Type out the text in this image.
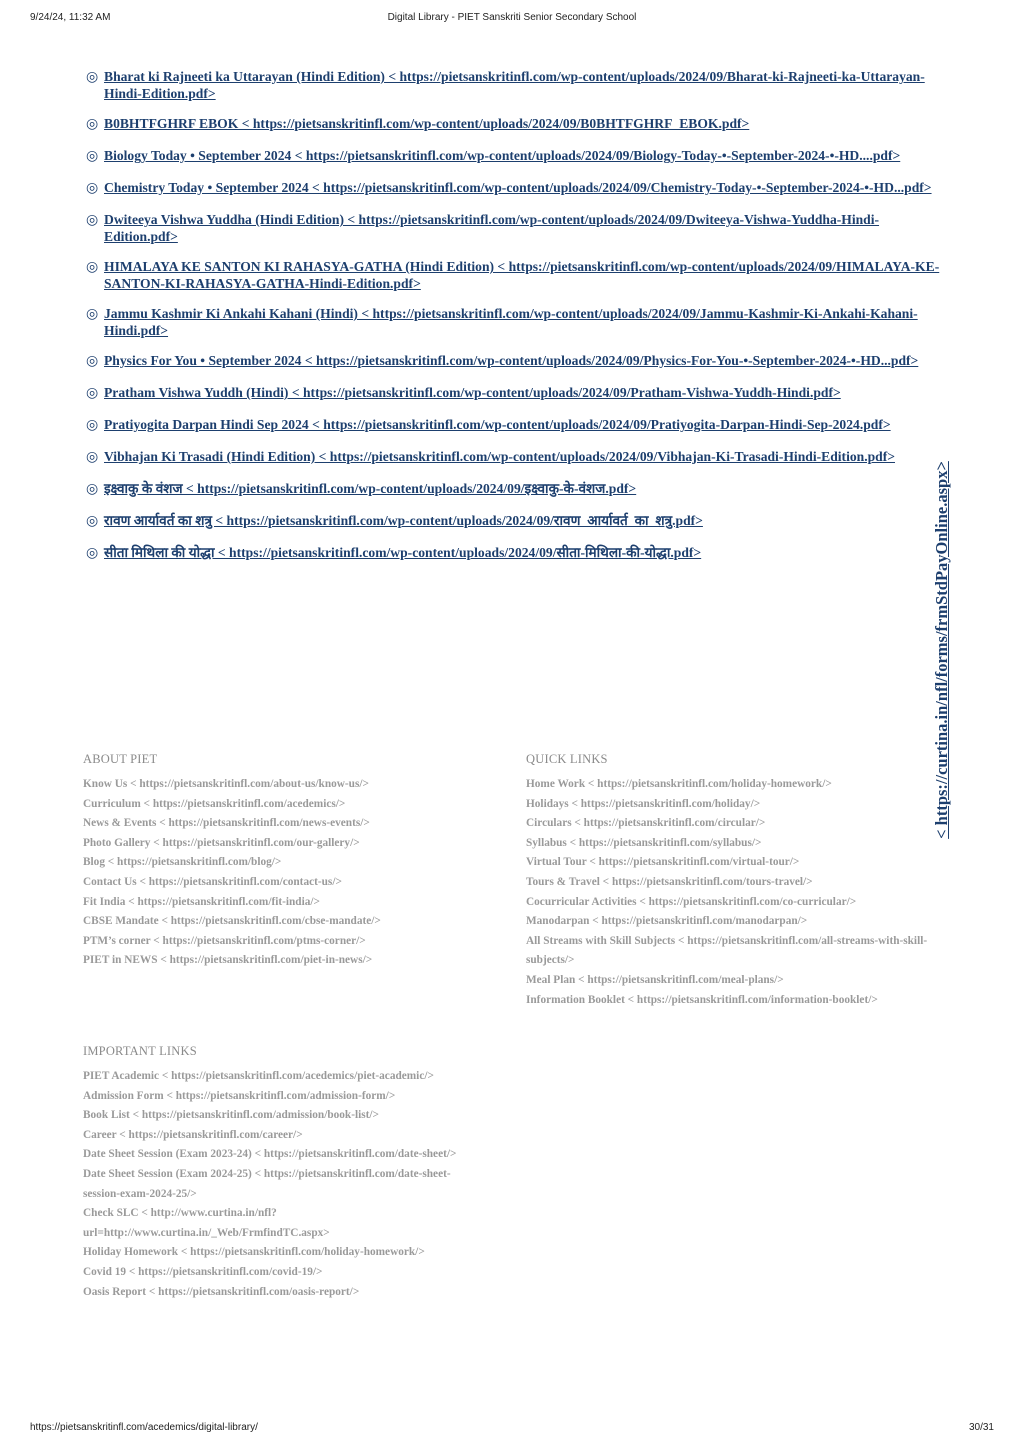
9/24/24, 11:32 AM	Digital Library - PIET Sanskriti Senior Secondary School
◎ Bharat ki Rajneeti ka Uttarayan (Hindi Edition) < https://pietsanskritinfl.com/wp-content/uploads/2024/09/Bharat-ki-Rajneeti-ka-Uttarayan-Hindi-Edition.pdf>
◎ B0BHTFGHRF EBOK < https://pietsanskritinfl.com/wp-content/uploads/2024/09/B0BHTFGHRF_EBOK.pdf>
◎ Biology Today • September 2024 < https://pietsanskritinfl.com/wp-content/uploads/2024/09/Biology-Today-•-September-2024-•-HD....pdf>
◎ Chemistry Today • September 2024 < https://pietsanskritinfl.com/wp-content/uploads/2024/09/Chemistry-Today-•-September-2024-•-HD...pdf>
◎ Dwiteeya Vishwa Yuddha (Hindi Edition) < https://pietsanskritinfl.com/wp-content/uploads/2024/09/Dwiteeya-Vishwa-Yuddha-Hindi-Edition.pdf>
◎ HIMALAYA KE SANTON KI RAHASYA-GATHA (Hindi Edition) < https://pietsanskritinfl.com/wp-content/uploads/2024/09/HIMALAYA-KE-SANTON-KI-RAHASYA-GATHA-Hindi-Edition.pdf>
◎ Jammu Kashmir Ki Ankahi Kahani (Hindi) < https://pietsanskritinfl.com/wp-content/uploads/2024/09/Jammu-Kashmir-Ki-Ankahi-Kahani-Hindi.pdf>
◎ Physics For You • September 2024 < https://pietsanskritinfl.com/wp-content/uploads/2024/09/Physics-For-You-•-September-2024-•-HD...pdf>
◎ Pratham Vishwa Yuddh (Hindi) < https://pietsanskritinfl.com/wp-content/uploads/2024/09/Pratham-Vishwa-Yuddh-Hindi.pdf>
◎ Pratiyogita Darpan Hindi Sep 2024 < https://pietsanskritinfl.com/wp-content/uploads/2024/09/Pratiyogita-Darpan-Hindi-Sep-2024.pdf>
◎ Vibhajan Ki Trasadi (Hindi Edition) < https://pietsanskritinfl.com/wp-content/uploads/2024/09/Vibhajan-Ki-Trasadi-Hindi-Edition.pdf>
◎ इक्ष्वाकु के वंशज < https://pietsanskritinfl.com/wp-content/uploads/2024/09/इक्ष्वाकु-के-वंशज.pdf>
◎ रावण आर्यावर्त का शत्रु < https://pietsanskritinfl.com/wp-content/uploads/2024/09/रावण_आर्यावर्त_का_शत्रु.pdf>
◎ सीता मिथिला की योद्धा < https://pietsanskritinfl.com/wp-content/uploads/2024/09/सीता-मिथिला-की-योद्धा.pdf>	< https://curtina.in/nfl/forms/frmStdPayOnline.aspx>
ABOUT PIET
Know Us < https://pietsanskritinfl.com/about-us/know-us/>
Curriculum < https://pietsanskritinfl.com/acedemics/>
News & Events < https://pietsanskritinfl.com/news-events/>
Photo Gallery < https://pietsanskritinfl.com/our-gallery/>
Blog < https://pietsanskritinfl.com/blog/>
Contact Us < https://pietsanskritinfl.com/contact-us/>
Fit India < https://pietsanskritinfl.com/fit-india/>
CBSE Mandate < https://pietsanskritinfl.com/cbse-mandate/>
PTM’s corner < https://pietsanskritinfl.com/ptms-corner/>
PIET in NEWS < https://pietsanskritinfl.com/piet-in-news/>
QUICK LINKS
Home Work < https://pietsanskritinfl.com/holiday-homework/>
Holidays < https://pietsanskritinfl.com/holiday/>
Circulars < https://pietsanskritinfl.com/circular/>
Syllabus < https://pietsanskritinfl.com/syllabus/>
Virtual Tour < https://pietsanskritinfl.com/virtual-tour/>
Tours & Travel < https://pietsanskritinfl.com/tours-travel/>
Cocurricular Activities < https://pietsanskritinfl.com/co-curricular/>
Manodarpan < https://pietsanskritinfl.com/manodarpan/>
All Streams with Skill Subjects < https://pietsanskritinfl.com/all-streams-with-skill-subjects/>
Meal Plan < https://pietsanskritinfl.com/meal-plans/>
Information Booklet < https://pietsanskritinfl.com/information-booklet/>
IMPORTANT LINKS
PIET Academic < https://pietsanskritinfl.com/acedemics/piet-academic/>
Admission Form < https://pietsanskritinfl.com/admission-form/>
Book List < https://pietsanskritinfl.com/admission/book-list/>
Career < https://pietsanskritinfl.com/career/>
Date Sheet Session (Exam 2023-24) < https://pietsanskritinfl.com/date-sheet/>
Date Sheet Session (Exam 2024-25) < https://pietsanskritinfl.com/date-sheet-session-exam-2024-25/>
Check SLC < http://www.curtina.in/nfl?url=http://www.curtina.in/_Web/FrmfindTC.aspx>
Holiday Homework < https://pietsanskritinfl.com/holiday-homework/>
Covid 19 < https://pietsanskritinfl.com/covid-19/>
Oasis Report < https://pietsanskritinfl.com/oasis-report/>
https://pietsanskritinfl.com/acedemics/digital-library/	30/31
